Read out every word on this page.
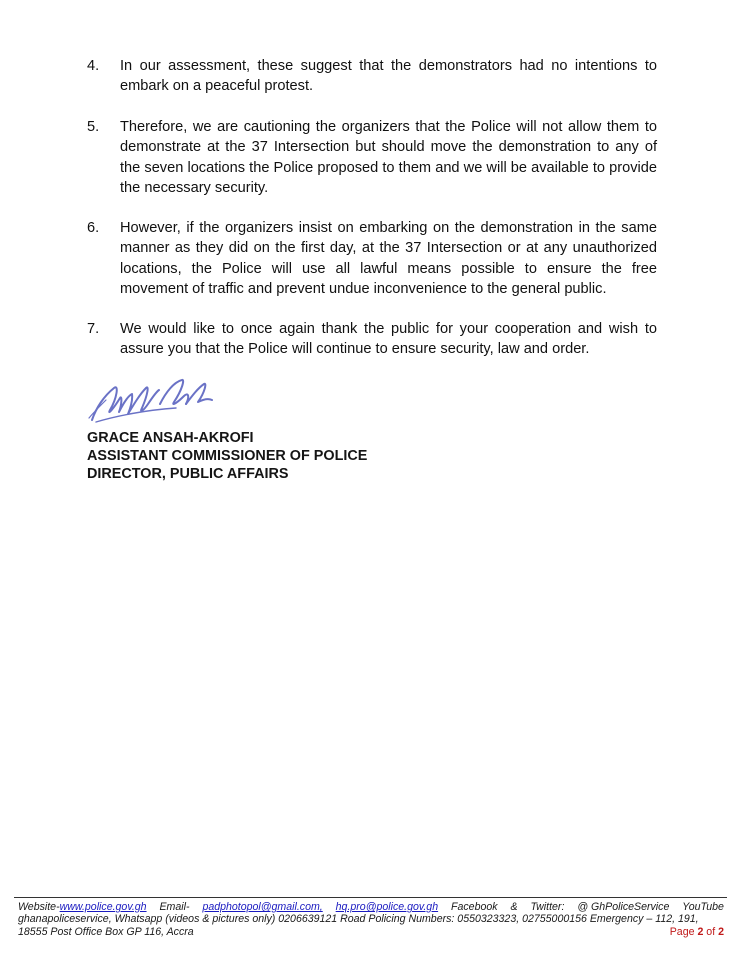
4. In our assessment, these suggest that the demonstrators had no intentions to embark on a peaceful protest.
5. Therefore, we are cautioning the organizers that the Police will not allow them to demonstrate at the 37 Intersection but should move the demonstration to any of the seven locations the Police proposed to them and we will be available to provide the necessary security.
6. However, if the organizers insist on embarking on the demonstration in the same manner as they did on the first day, at the 37 Intersection or at any unauthorized locations, the Police will use all lawful means possible to ensure the free movement of traffic and prevent undue inconvenience to the general public.
7. We would like to once again thank the public for your cooperation and wish to assure you that the Police will continue to ensure security, law and order.
GRACE ANSAH-AKROFI
ASSISTANT COMMISSIONER OF POLICE
DIRECTOR, PUBLIC AFFAIRS
Website-www.police.gov.gh Email- padphotopol@gmail.com, hq.pro@police.gov.gh Facebook & Twitter: @ GhPoliceService YouTube
ghanapoliceservice, Whatsapp (videos & pictures only) 0206639121 Road Policing Numbers: 0550323323, 02755000156 Emergency – 112, 191,
18555 Post Office Box GP 116, Accra	Page 2 of 2
